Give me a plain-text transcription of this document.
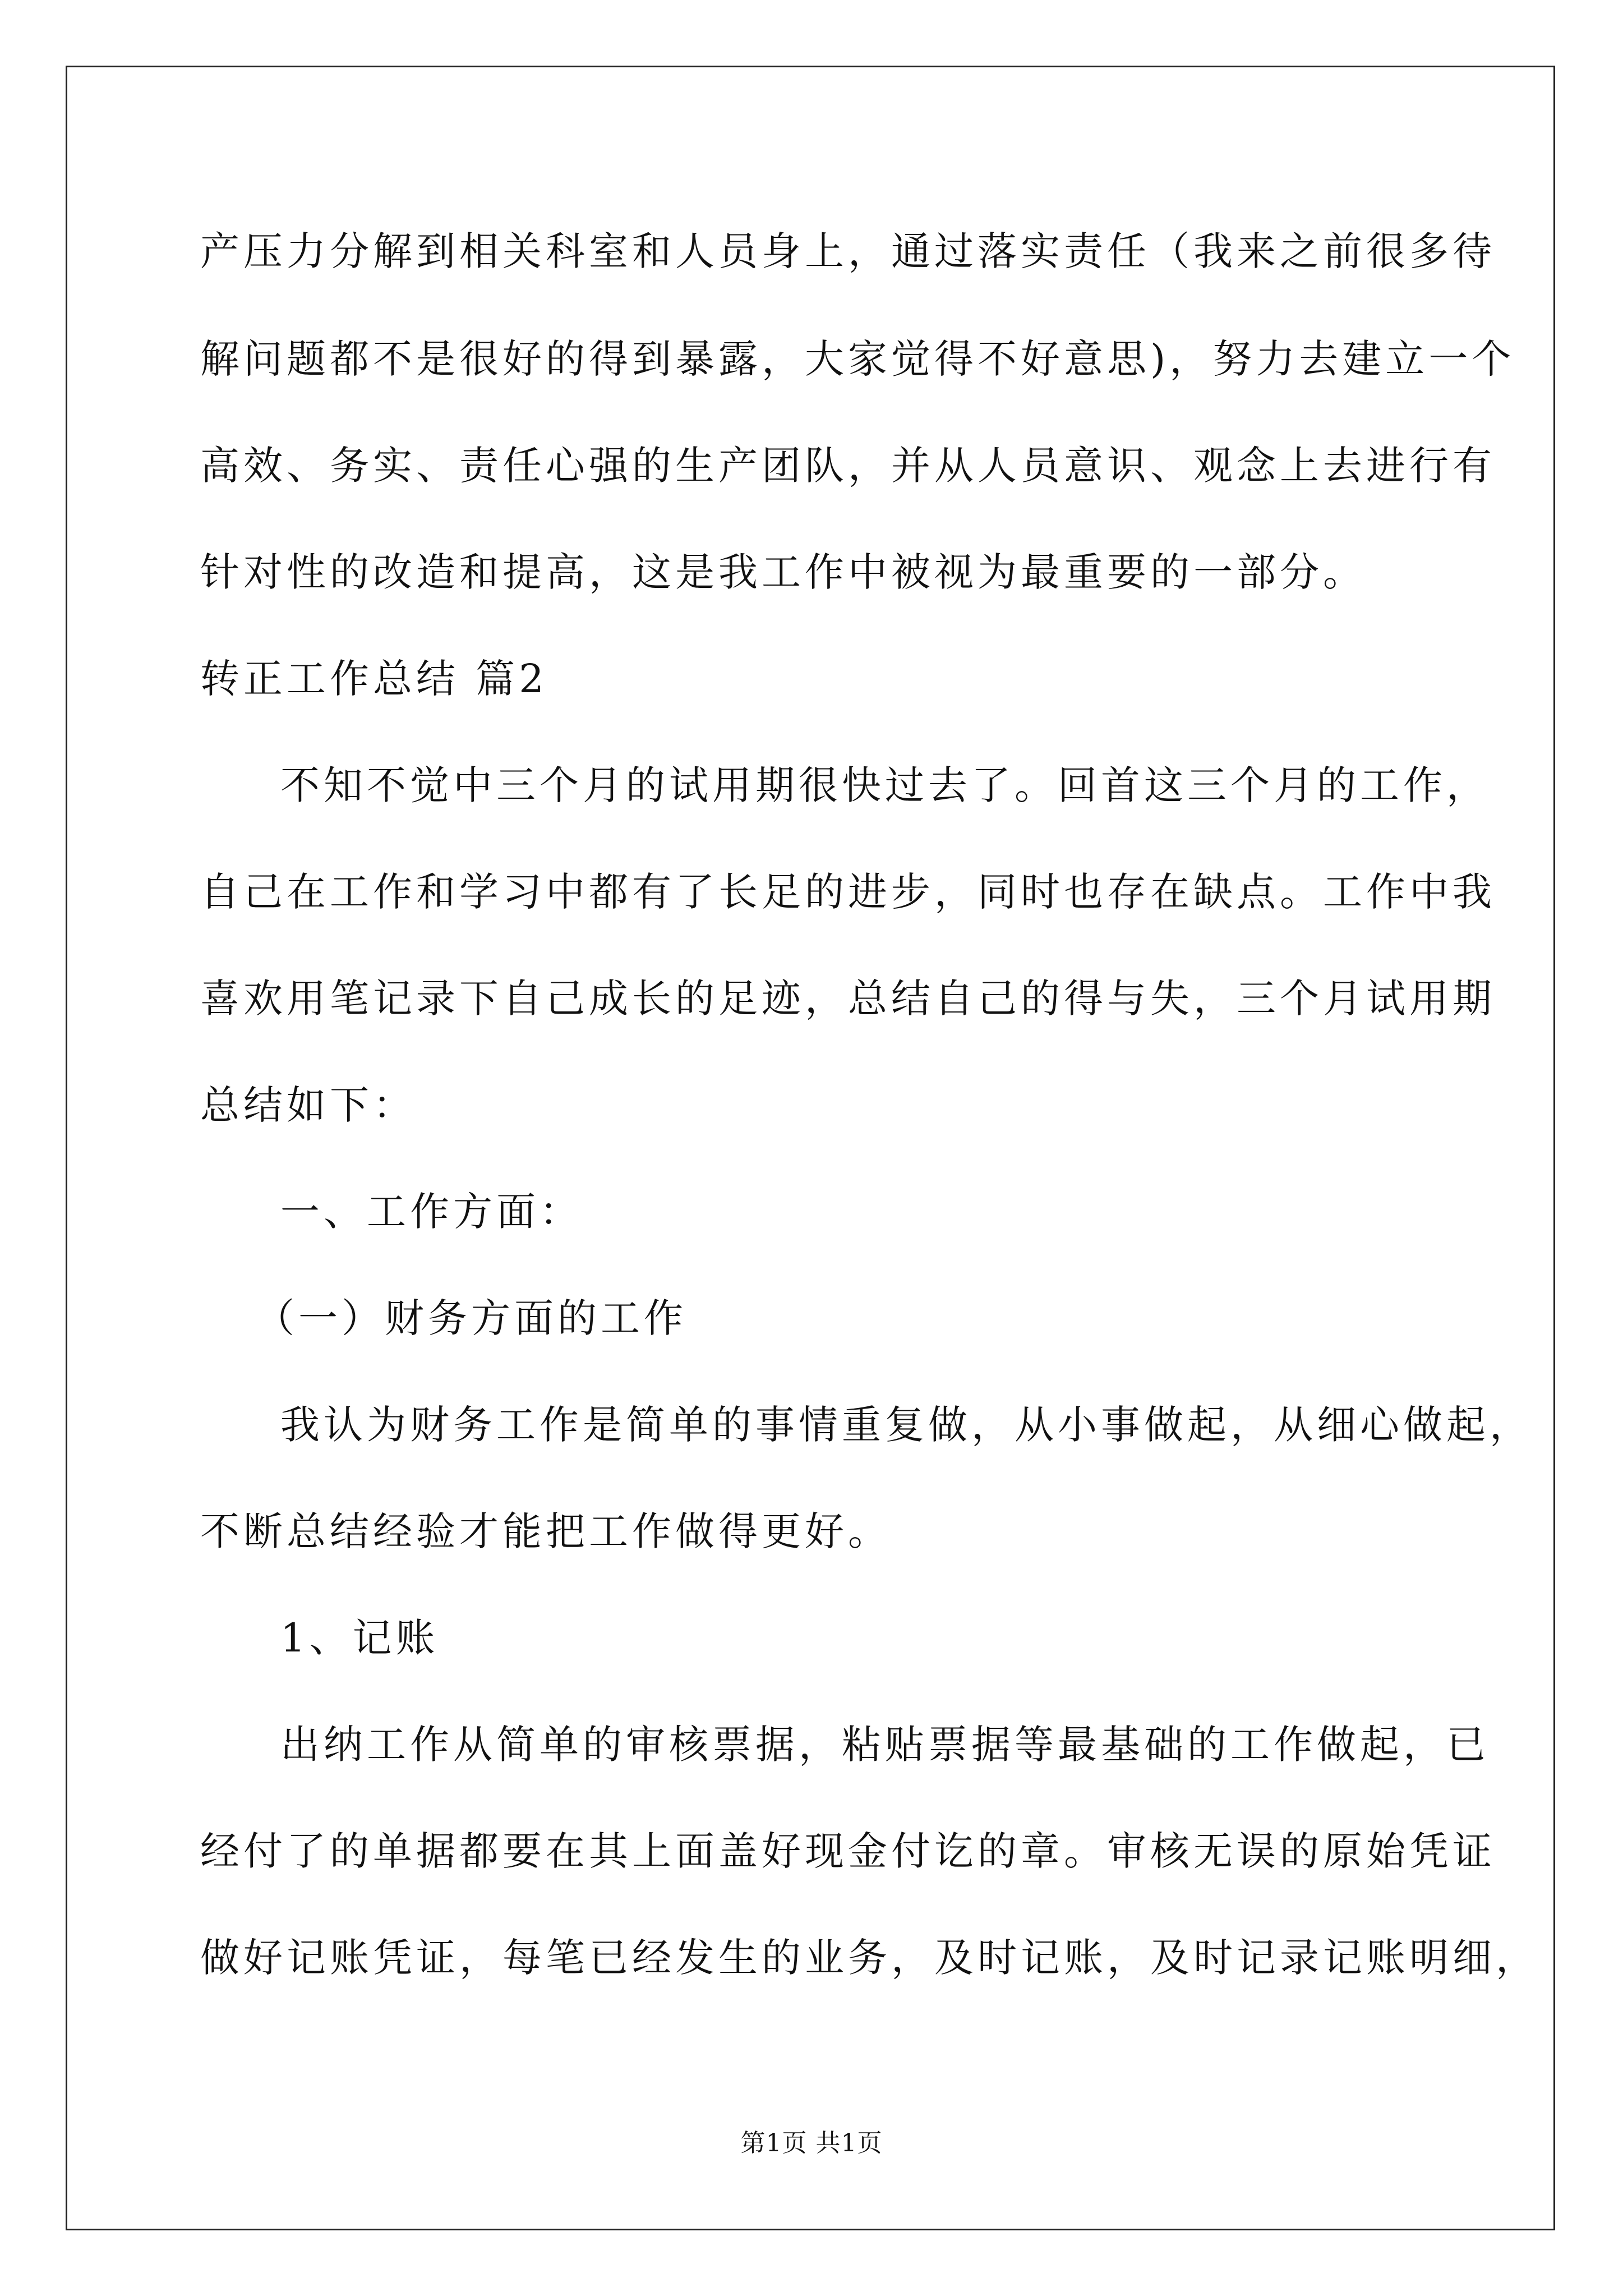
产压力分解到相关科室和人员身上，通过落实责任（我来之前很多待
解问题都不是很好的得到暴露，大家觉得不好意思)，努力去建立一个
高效、务实、责任心强的生产团队，并从人员意识、观念上去进行有
针对性的改造和提高，这是我工作中被视为最重要的一部分。
转正工作总结 篇2
不知不觉中三个月的试用期很快过去了。回首这三个月的工作，
自己在工作和学习中都有了长足的进步，同时也存在缺点。工作中我
喜欢用笔记录下自己成长的足迹，总结自己的得与失，三个月试用期
总结如下：
一、工作方面：
（一）财务方面的工作
我认为财务工作是简单的事情重复做，从小事做起，从细心做起，
不断总结经验才能把工作做得更好。
1、记账
出纳工作从简单的审核票据，粘贴票据等最基础的工作做起，已
经付了的单据都要在其上面盖好现金付讫的章。审核无误的原始凭证
做好记账凭证，每笔已经发生的业务，及时记账，及时记录记账明细，
第1页 共1页
